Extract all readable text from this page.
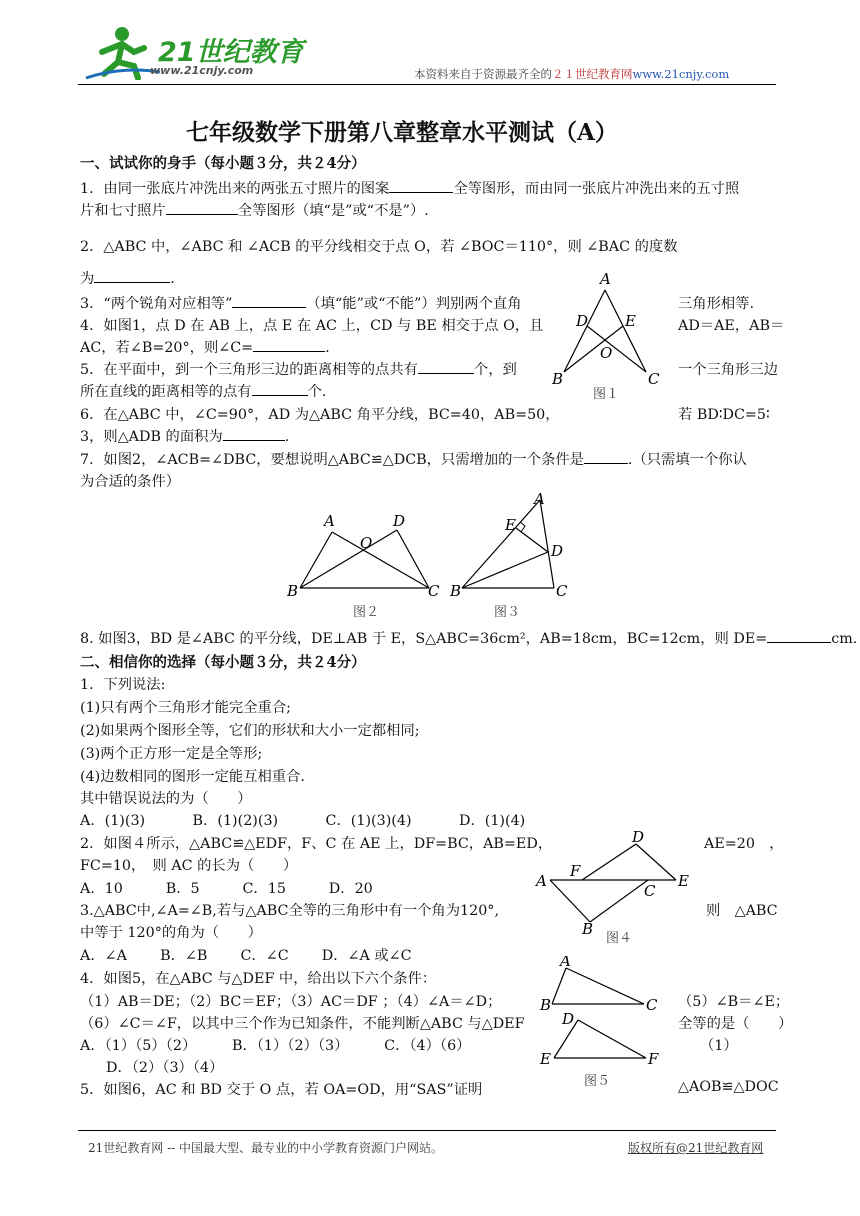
21世纪教育
www.21cnjy.com	本资料来自于资源最齐全的２１世纪教育网www.21cnjy.com
七年级数学下册第八章整章水平测试（A）
一、试试你的身手（每小题３分，共２4分）
1．由同一张底片冲洗出来的两张五寸照片的图案	全等图形，而由同一张底片冲洗出来的五寸照
片和七寸照片	全等图形（填“是”或“不是”）.
2．△ABC 中，∠ABC 和 ∠ACB 的平分线相交于点 O，若 ∠BOC＝110°，则 ∠BAC 的度数
为	.
3．“两个锐角对应相等”	（填“能”或“不能”）判别两个直角	三角形相等.
4．如图1，点 D 在 AB 上，点 E 在 AC 上，CD 与 BE 相交于点 O，且	AD＝AE，AB＝
AC，若∠B=20°，则∠C=	.
5．在平面中，到一个三角形三边的距离相等的点共有	个，到	一个三角形三边
所在直线的距离相等的点有	个.
6．在△ABC 中，∠C=90°，AD 为△ABC 角平分线，BC=40，AB=50，	若 BD∶DC=5∶
3，则△ADB 的面积为	.
7．如图2，∠ACB=∠DBC，要想说明△ABC≌△DCB，只需增加的一个条件是	.（只需填一个你认
为合适的条件）
A
D E
O
B	C
图１
A	D
O
B	C
图２
A
E
D
B	C
图３
8. 如图3，BD 是∠ABC 的平分线，DE⊥AB 于 E，S△ABC=36cm²，AB=18cm，BC=12cm，则 DE=	cm.
二、相信你的选择（每小题３分，共２4分）
1．下列说法:
(1)只有两个三角形才能完全重合;
(2)如果两个图形全等，它们的形状和大小一定都相同;
(3)两个正方形一定是全等形;
(4)边数相同的图形一定能互相重合.
其中错误说法的为（　　）
A．(1)(3)　　　 B．(1)(2)(3)　　　 C．(1)(3)(4)　　　 D．(1)(4)
2．如图４所示，△ABC≌△EDF，F、C 在 AE 上，DF=BC，AB=ED，	AE=20　，
FC=10，　则 AC 的长为（　　）
A．10　　　B．5　　　C．15　　　D．20
D
F
A
C
E
B
图４
3.△ABC中,∠A=∠B,若与△ABC全等的三角形中有一个角为120°,	则　△ABC
中等于 120°的角为（　　）
A．∠A　　 B．∠B　　 C．∠C　　 D．∠A 或∠C
4．如图5，在△ABC 与△DEF 中，给出以下六个条件：
（1）AB＝DE；（2）BC＝EF；（3）AC＝DF ；（4）∠A＝∠D；	（5）∠B＝∠E；
（6）∠C＝∠F，以其中三个作为已知条件，不能判断△ABC 与△DEF	全等的是（　　）
A．（1）（5）（2）　　　B．（1）（2）（3）　　　C．（4）（6）	（1）
D．（2）（3）（4）
A
B	C
D
E	F
图５
5．如图6，AC 和 BD 交于 O 点，若 OA=OD，用“SAS”证明	△AOB≌△DOC
21世纪教育网 -- 中国最大型、最专业的中小学教育资源门户网站。	版权所有@21世纪教育网
